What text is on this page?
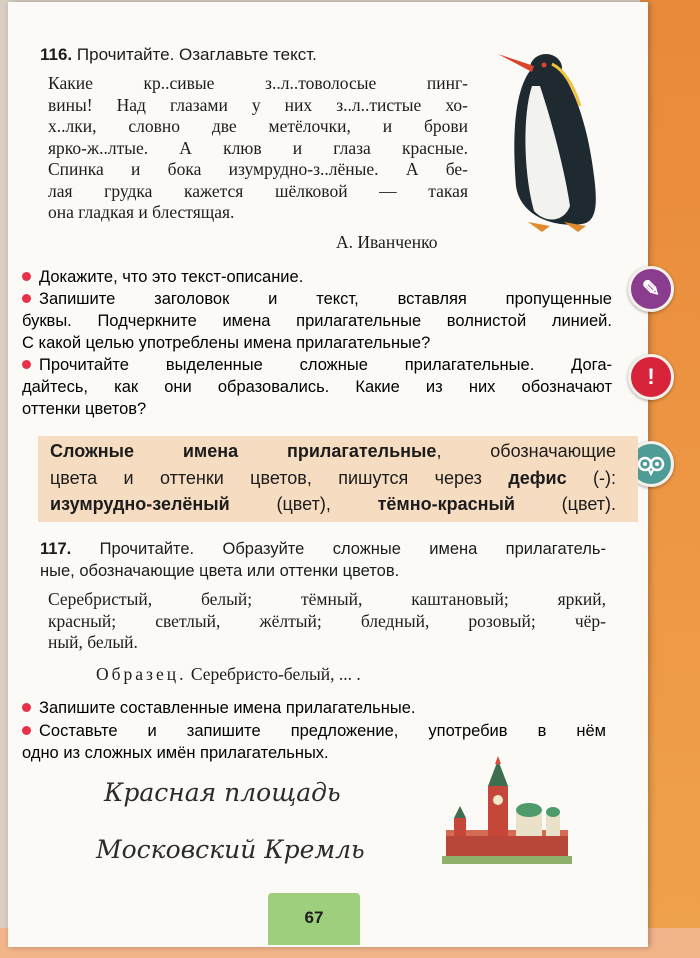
116. Прочитайте. Озаглавьте текст.
Какие кр..сивые з..л..товолосые пинг-
вины! Над глазами у них з..л..тистые хо-
х..лки, словно две метёлочки, и брови
ярко-ж..лтые. А клюв и глаза красные.
Спинка и бока изумрудно-з..лёные. А бе-
лая грудка кажется шёлковой — такая
она гладкая и блестящая.
А. Иванченко
Докажите, что это текст-описание.
Запишите заголовок и текст, вставляя пропущенные
буквы. Подчеркните имена прилагательные волнистой линией.
С какой целью употреблены имена прилагательные?
Прочитайте выделенные сложные прилагательные. Дога-
дайтесь, как они образовались. Какие из них обозначают
оттенки цветов?
✎
!
Сложные имена прилагательные, обозначающие
цвета и оттенки цветов, пишутся через дефис (-):
изумрудно-зелёный	(цвет),	тёмно-красный	(цвет).
117. Прочитайте. Образуйте сложные имена прилагатель-
ные, обозначающие цвета или оттенки цветов.
Серебристый, белый; тёмный, каштановый; яркий,
красный; светлый, жёлтый; бледный, розовый; чёр-
ный, белый.
Образец. Серебристо-белый, ... .
Запишите составленные имена прилагательные.
Составьте и запишите предложение, употребив в нём
одно из сложных имён прилагательных.
Красная площадь
Московский Кремль
67
